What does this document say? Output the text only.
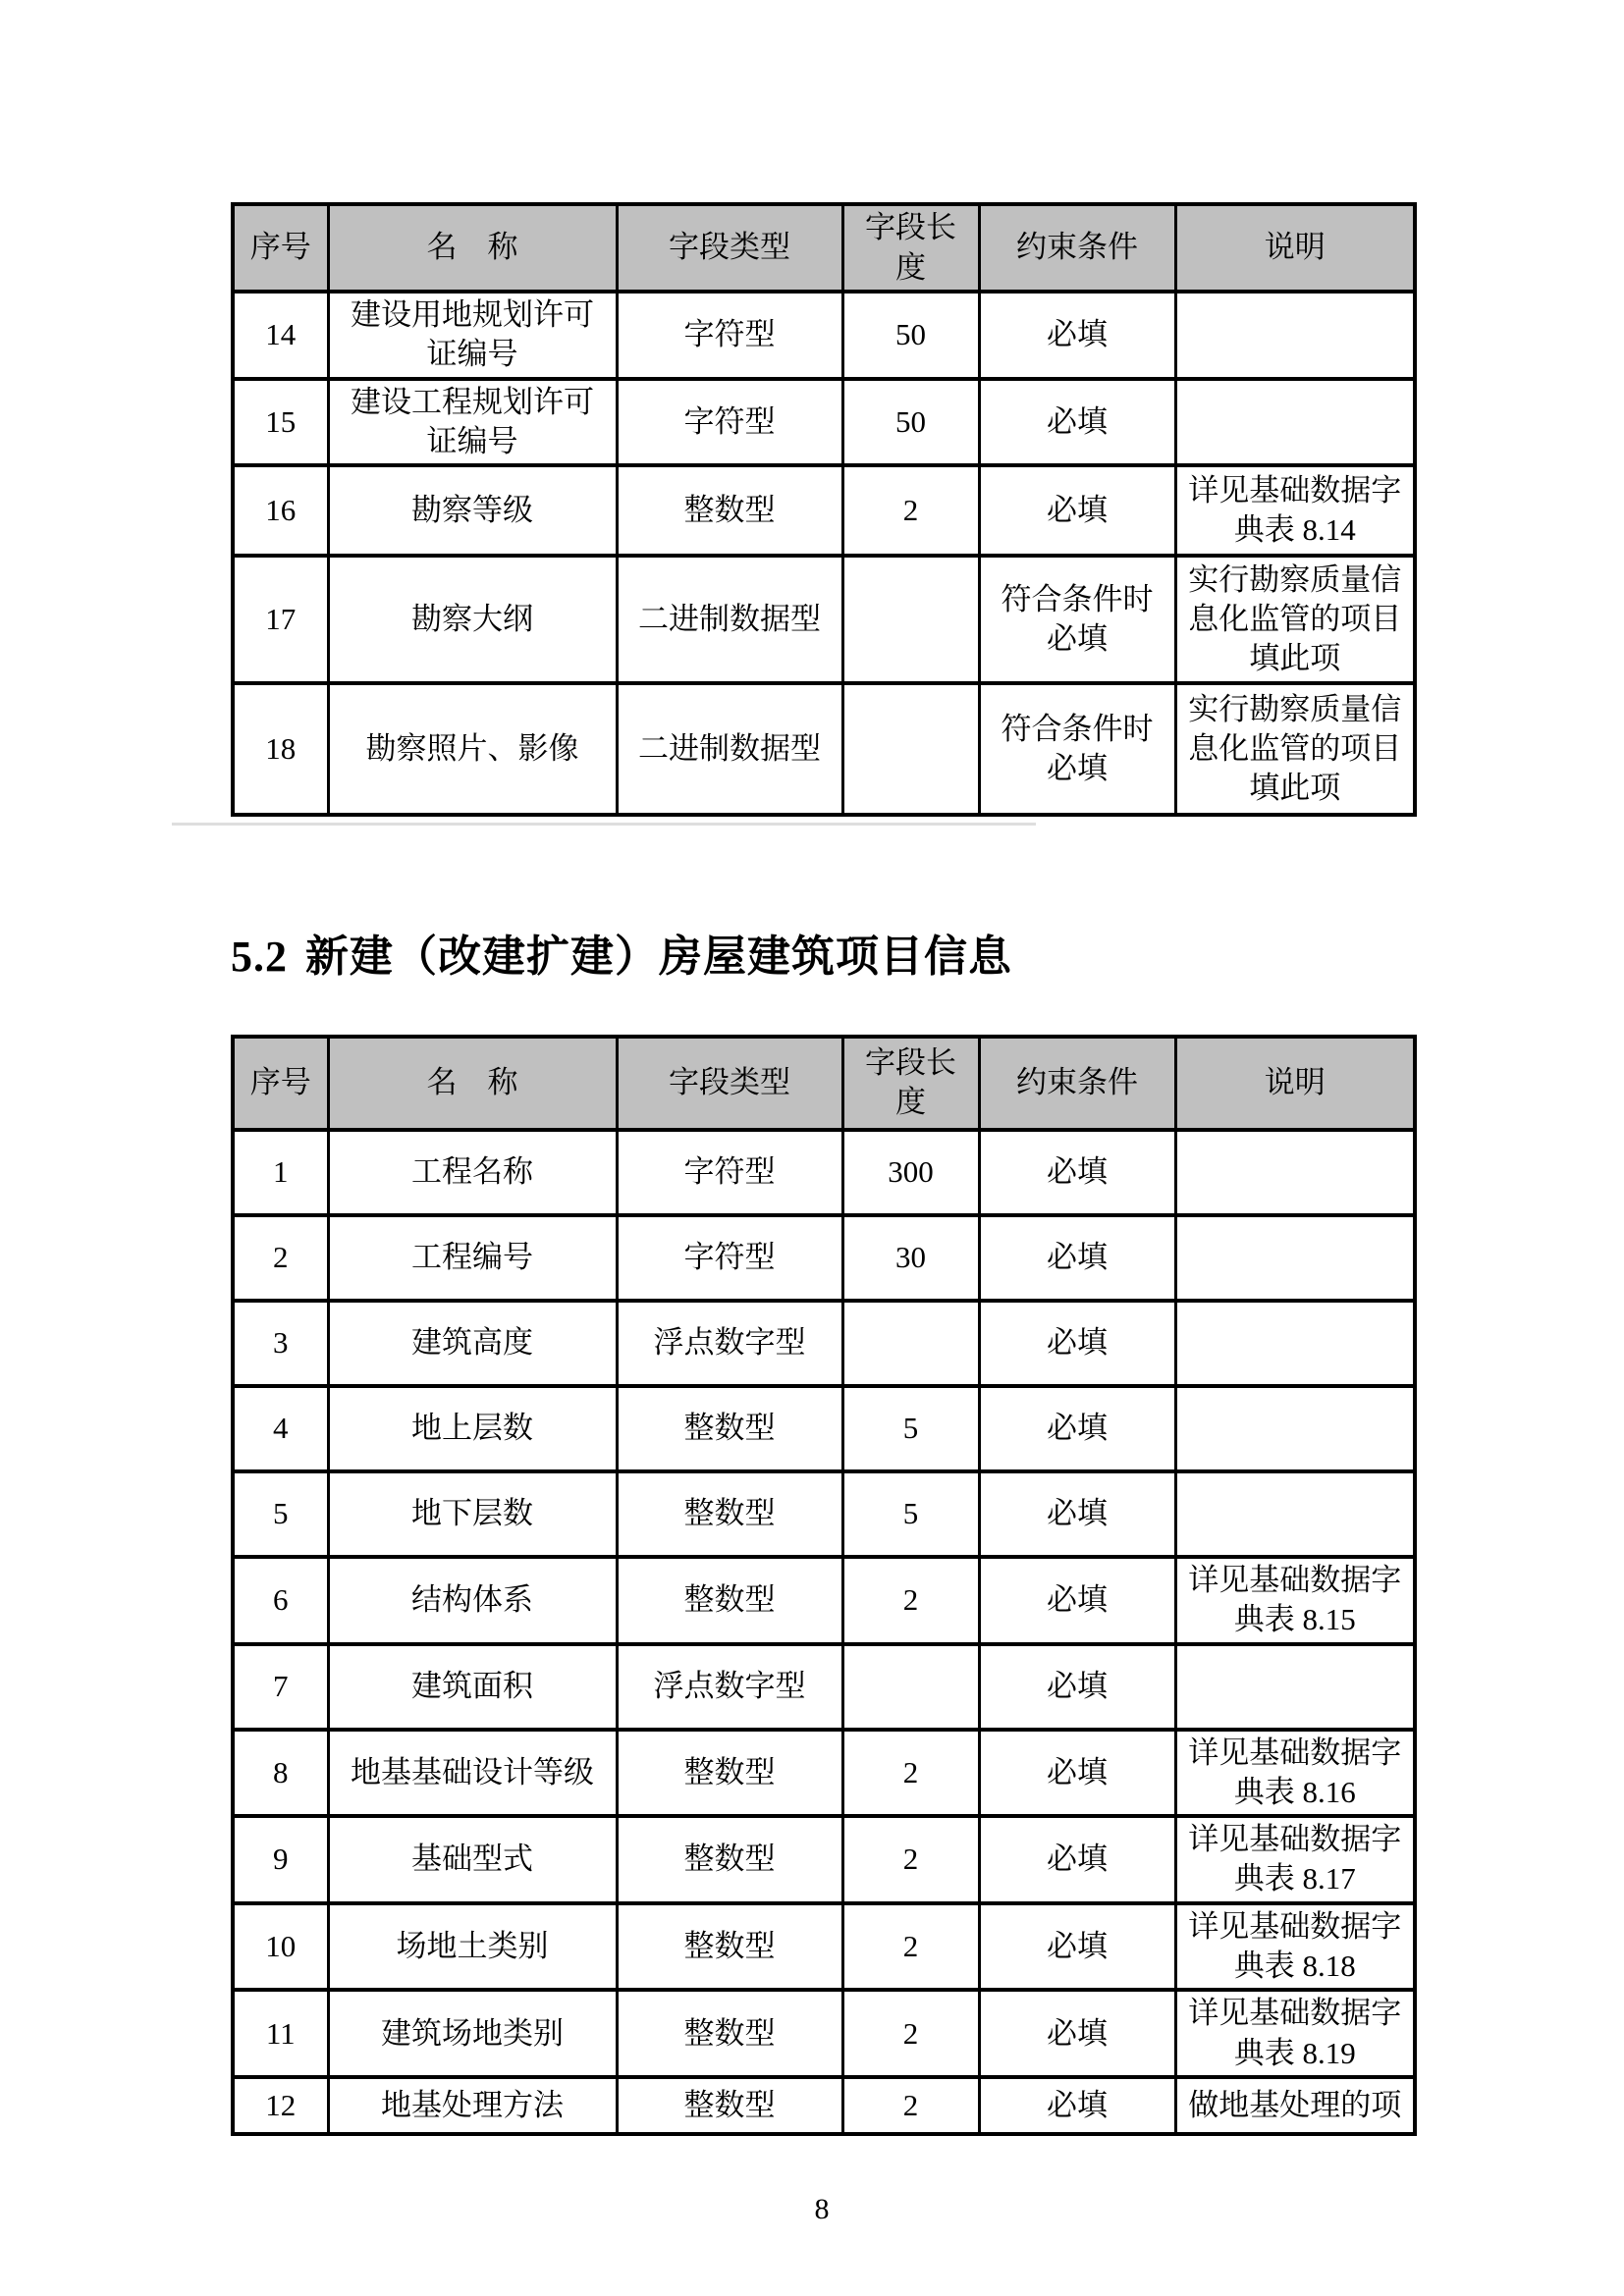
序号	名　称	字段类型	字段长度	约束条件	说明
14	建设用地规划许可证编号	字符型	50	必填	
15	建设工程规划许可证编号	字符型	50	必填	
16	勘察等级	整数型	2	必填	详见基础数据字典表 8.14
17	勘察大纲	二进制数据型		符合条件时必填	实行勘察质量信息化监管的项目填此项
18	勘察照片、影像	二进制数据型		符合条件时必填	实行勘察质量信息化监管的项目填此项
5.2 新建（改建扩建）房屋建筑项目信息
序号	名　称	字段类型	字段长度	约束条件	说明
1	工程名称	字符型	300	必填	
2	工程编号	字符型	30	必填	
3	建筑高度	浮点数字型		必填	
4	地上层数	整数型	5	必填	
5	地下层数	整数型	5	必填	
6	结构体系	整数型	2	必填	详见基础数据字典表 8.15
7	建筑面积	浮点数字型		必填	
8	地基基础设计等级	整数型	2	必填	详见基础数据字典表 8.16
9	基础型式	整数型	2	必填	详见基础数据字典表 8.17
10	场地土类别	整数型	2	必填	详见基础数据字典表 8.18
11	建筑场地类别	整数型	2	必填	详见基础数据字典表 8.19
12	地基处理方法	整数型	2	必填	做地基处理的项
8
